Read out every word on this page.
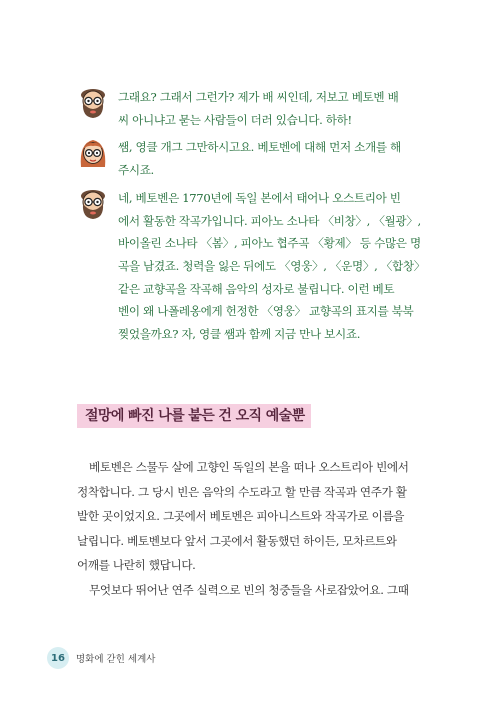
그래요? 그래서 그런가? 제가 배 씨인데, 저보고 베토벤 배
씨 아니냐고 묻는 사람들이 더러 있습니다. 하하!
쌤, 영클 개그 그만하시고요. 베토벤에 대해 먼저 소개를 해
주시죠.
네, 베토벤은 1770년에 독일 본에서 태어나 오스트리아 빈
에서 활동한 작곡가입니다. 피아노 소나타 〈비창〉, 〈월광〉,
바이올린 소나타 〈봄〉, 피아노 협주곡 〈황제〉 등 수많은 명
곡을 남겼죠. 청력을 잃은 뒤에도 〈영웅〉, 〈운명〉, 〈합창〉
같은 교향곡을 작곡해 음악의 성자로 불립니다. 이런 베토
벤이 왜 나폴레옹에게 헌정한 〈영웅〉 교향곡의 표지를 북북
찢었을까요? 자, 영클 쌤과 함께 지금 만나 보시죠.
절망에 빠진 나를 붙든 건 오직 예술뿐
베토벤은 스물두 살에 고향인 독일의 본을 떠나 오스트리아 빈에서
정착합니다. 그 당시 빈은 음악의 수도라고 할 만큼 작곡과 연주가 활
발한 곳이었지요. 그곳에서 베토벤은 피아니스트와 작곡가로 이름을
날립니다. 베토벤보다 앞서 그곳에서 활동했던 하이든, 모차르트와
어깨를 나란히 했답니다.
무엇보다 뛰어난 연주 실력으로 빈의 청중들을 사로잡았어요. 그때
16	명화에 갇힌 세계사
